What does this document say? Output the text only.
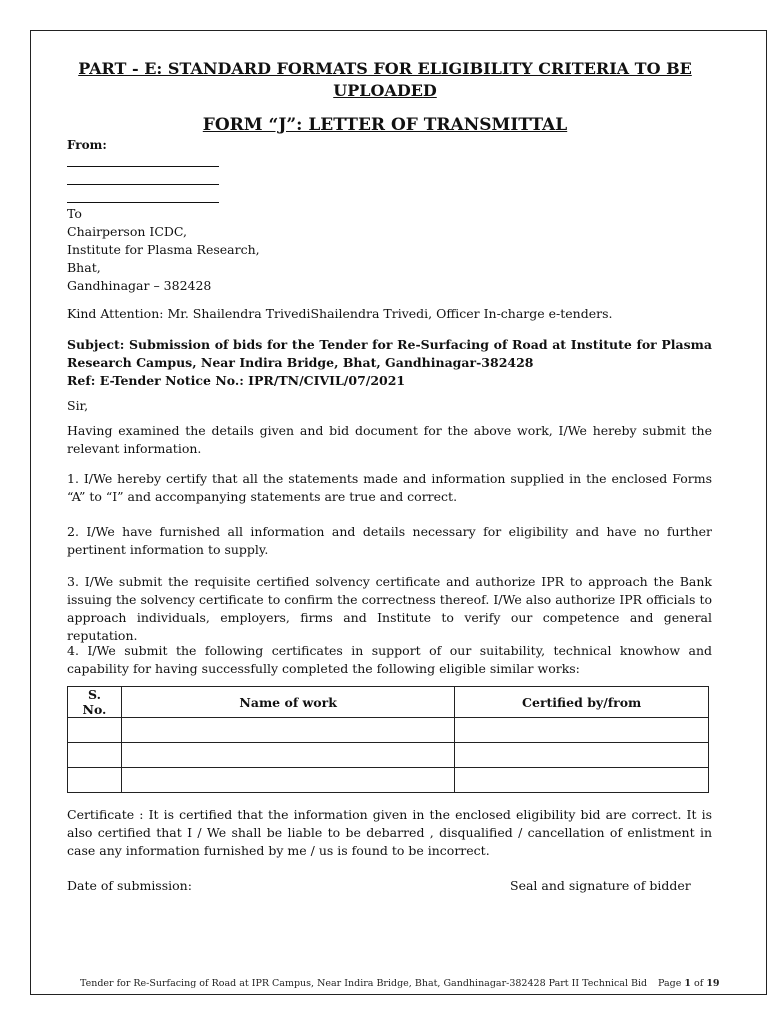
PART - E: STANDARD FORMATS FOR ELIGIBILITY CRITERIA TO BE UPLOADED
FORM “J”: LETTER OF TRANSMITTAL
From:
To
Chairperson ICDC,
Institute for Plasma Research,
Bhat,
Gandhinagar – 382428
Kind Attention: Mr. Shailendra TrivediShailendra Trivedi, Officer In-charge e-tenders.
Subject: Submission of bids for the Tender for Re-Surfacing of Road at Institute for Plasma Research Campus, Near Indira Bridge, Bhat, Gandhinagar-382428
Ref: E-Tender Notice No.: IPR/TN/CIVIL/07/2021
Sir,
Having examined the details given and bid document for the above work, I/We hereby submit the relevant information.
1. I/We hereby certify that all the statements made and information supplied in the enclosed Forms “A” to “I” and accompanying statements are true and correct.
2. I/We have furnished all information and details necessary for eligibility and have no further pertinent information to supply.
3. I/We submit the requisite certified solvency certificate and authorize IPR to approach the Bank issuing the solvency certificate to confirm the correctness thereof. I/We also authorize IPR officials to approach individuals, employers, firms and Institute to verify our competence and general reputation.
4. I/We submit the following certificates in support of our suitability, technical knowhow and capability for having successfully completed the following eligible similar works:
S. No.	Name of work	Certified by/from

Certificate : It is certified that the information given in the enclosed eligibility bid are correct. It is also certified that I / We shall be liable to be debarred , disqualified / cancellation of enlistment in case any information furnished by me / us is found to be incorrect.
Date of submission:	Seal and signature of bidder
Tender for Re-Surfacing of Road at IPR Campus, Near Indira Bridge, Bhat, Gandhinagar-382428 Part II Technical Bid Page 1 of 19
